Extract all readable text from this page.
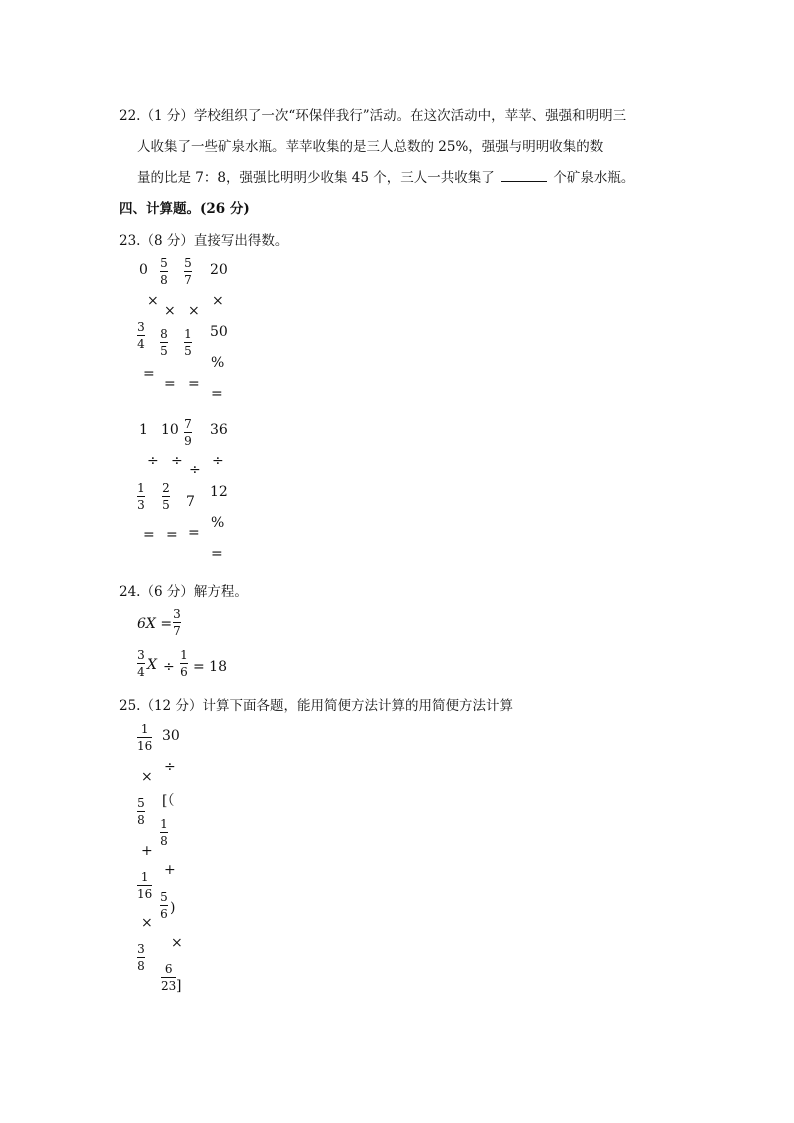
22.（1 分）学校组织了一次“环保伴我行”活动。在这次活动中，苹苹、强强和明明三
人收集了一些矿泉水瓶。苹苹收集的是三人总数的 25%，强强与明明收集的数
量的比是 7：8，强强比明明少收集 45 个，三人一共收集了	个矿泉水瓶。
四、计算题。(26 分)
23.（8 分）直接写出得数。
0
×
3
4
=
5
8
×
8
5
=
5
7
×
1
5
=
20
×
50
%
=
1
÷
1
3
=
10
÷
2
5
=
7
9
÷
7
=
36
÷
12
%
=
24.（6 分）解方程。
6X =
3
7
3
4 X ÷
1
6 = 18
25.（12 分）计算下面各题，能用简便方法计算的用简便方法计算
1
16
×
5
8
+
1
16
×
3
8
30
÷
[（
1
8
+
5
6 )
×
6
23 ]
